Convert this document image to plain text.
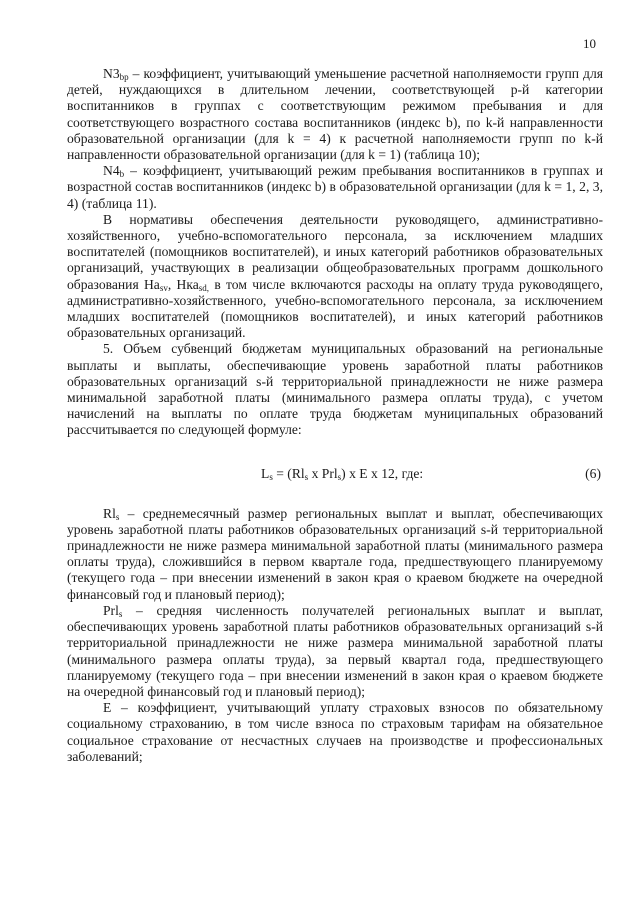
10

$N3_{bp}$ – коэффициент, учитывающий уменьшение расчетной наполняемости групп для детей, нуждающихся в длительном лечении, соответствующей p-й категории воспитанников в группах с соответствующим режимом пребывания и для соответствующего возрастного состава воспитанников (индекс b), по k-й направленности образовательной организации (для k = 4) к расчетной наполняемости групп по k-й направленности образовательной организации (для k = 1) (таблица 10);

$N4_b$ – коэффициент, учитывающий режим пребывания воспитанников в группах и возрастной состав воспитанников (индекс b) в образовательной организации (для k = 1, 2, 3, 4) (таблица 11).

В нормативы обеспечения деятельности руководящего, административно-хозяйственного, учебно-вспомогательного персонала, за исключением младших воспитателей (помощников воспитателей), и иных категорий работников образовательных организаций, участвующих в реализации общеобразовательных программ дошкольного образования $На_{sv}$, Нка$_{sd,}$ в том числе включаются расходы на оплату труда руководящего, административно-хозяйственного, учебно-вспомогательного персонала, за исключением младших воспитателей (помощников воспитателей), и иных категорий работников образовательных организаций.

5. Объем субвенций бюджетам муниципальных образований на региональные выплаты и выплаты, обеспечивающие уровень заработной платы работников образовательных организаций s-й территориальной принадлежности не ниже размера минимальной заработной платы (минимального размера оплаты труда), с учетом начислений на выплаты по оплате труда бюджетам муниципальных образований рассчитывается по следующей формуле:

$L_s = (Rl_s$ x Prl$_s$) x E x 12, где:	(6)

$Rl_s$ – среднемесячный размер региональных выплат и выплат, обеспечивающих уровень заработной платы работников образовательных организаций s-й территориальной принадлежности не ниже размера минимальной заработной платы (минимального размера оплаты труда), сложившийся в первом квартале года, предшествующего планируемому (текущего года – при внесении изменений в закон края о краевом бюджете на очередной финансовый год и плановый период);

Prl$_s$ – средняя численность получателей региональных выплат и выплат, обеспечивающих уровень заработной платы работников образовательных организаций s-й территориальной принадлежности не ниже размера минимальной заработной платы (минимального размера оплаты труда), за первый квартал года, предшествующего планируемому (текущего года – при внесении изменений в закон края о краевом бюджете на очередной финансовый год и плановый период);

E – коэффициент, учитывающий уплату страховых взносов по обязательному социальному страхованию, в том числе взноса по страховым тарифам на обязательное социальное страхование от несчастных случаев на производстве и профессиональных заболеваний;
